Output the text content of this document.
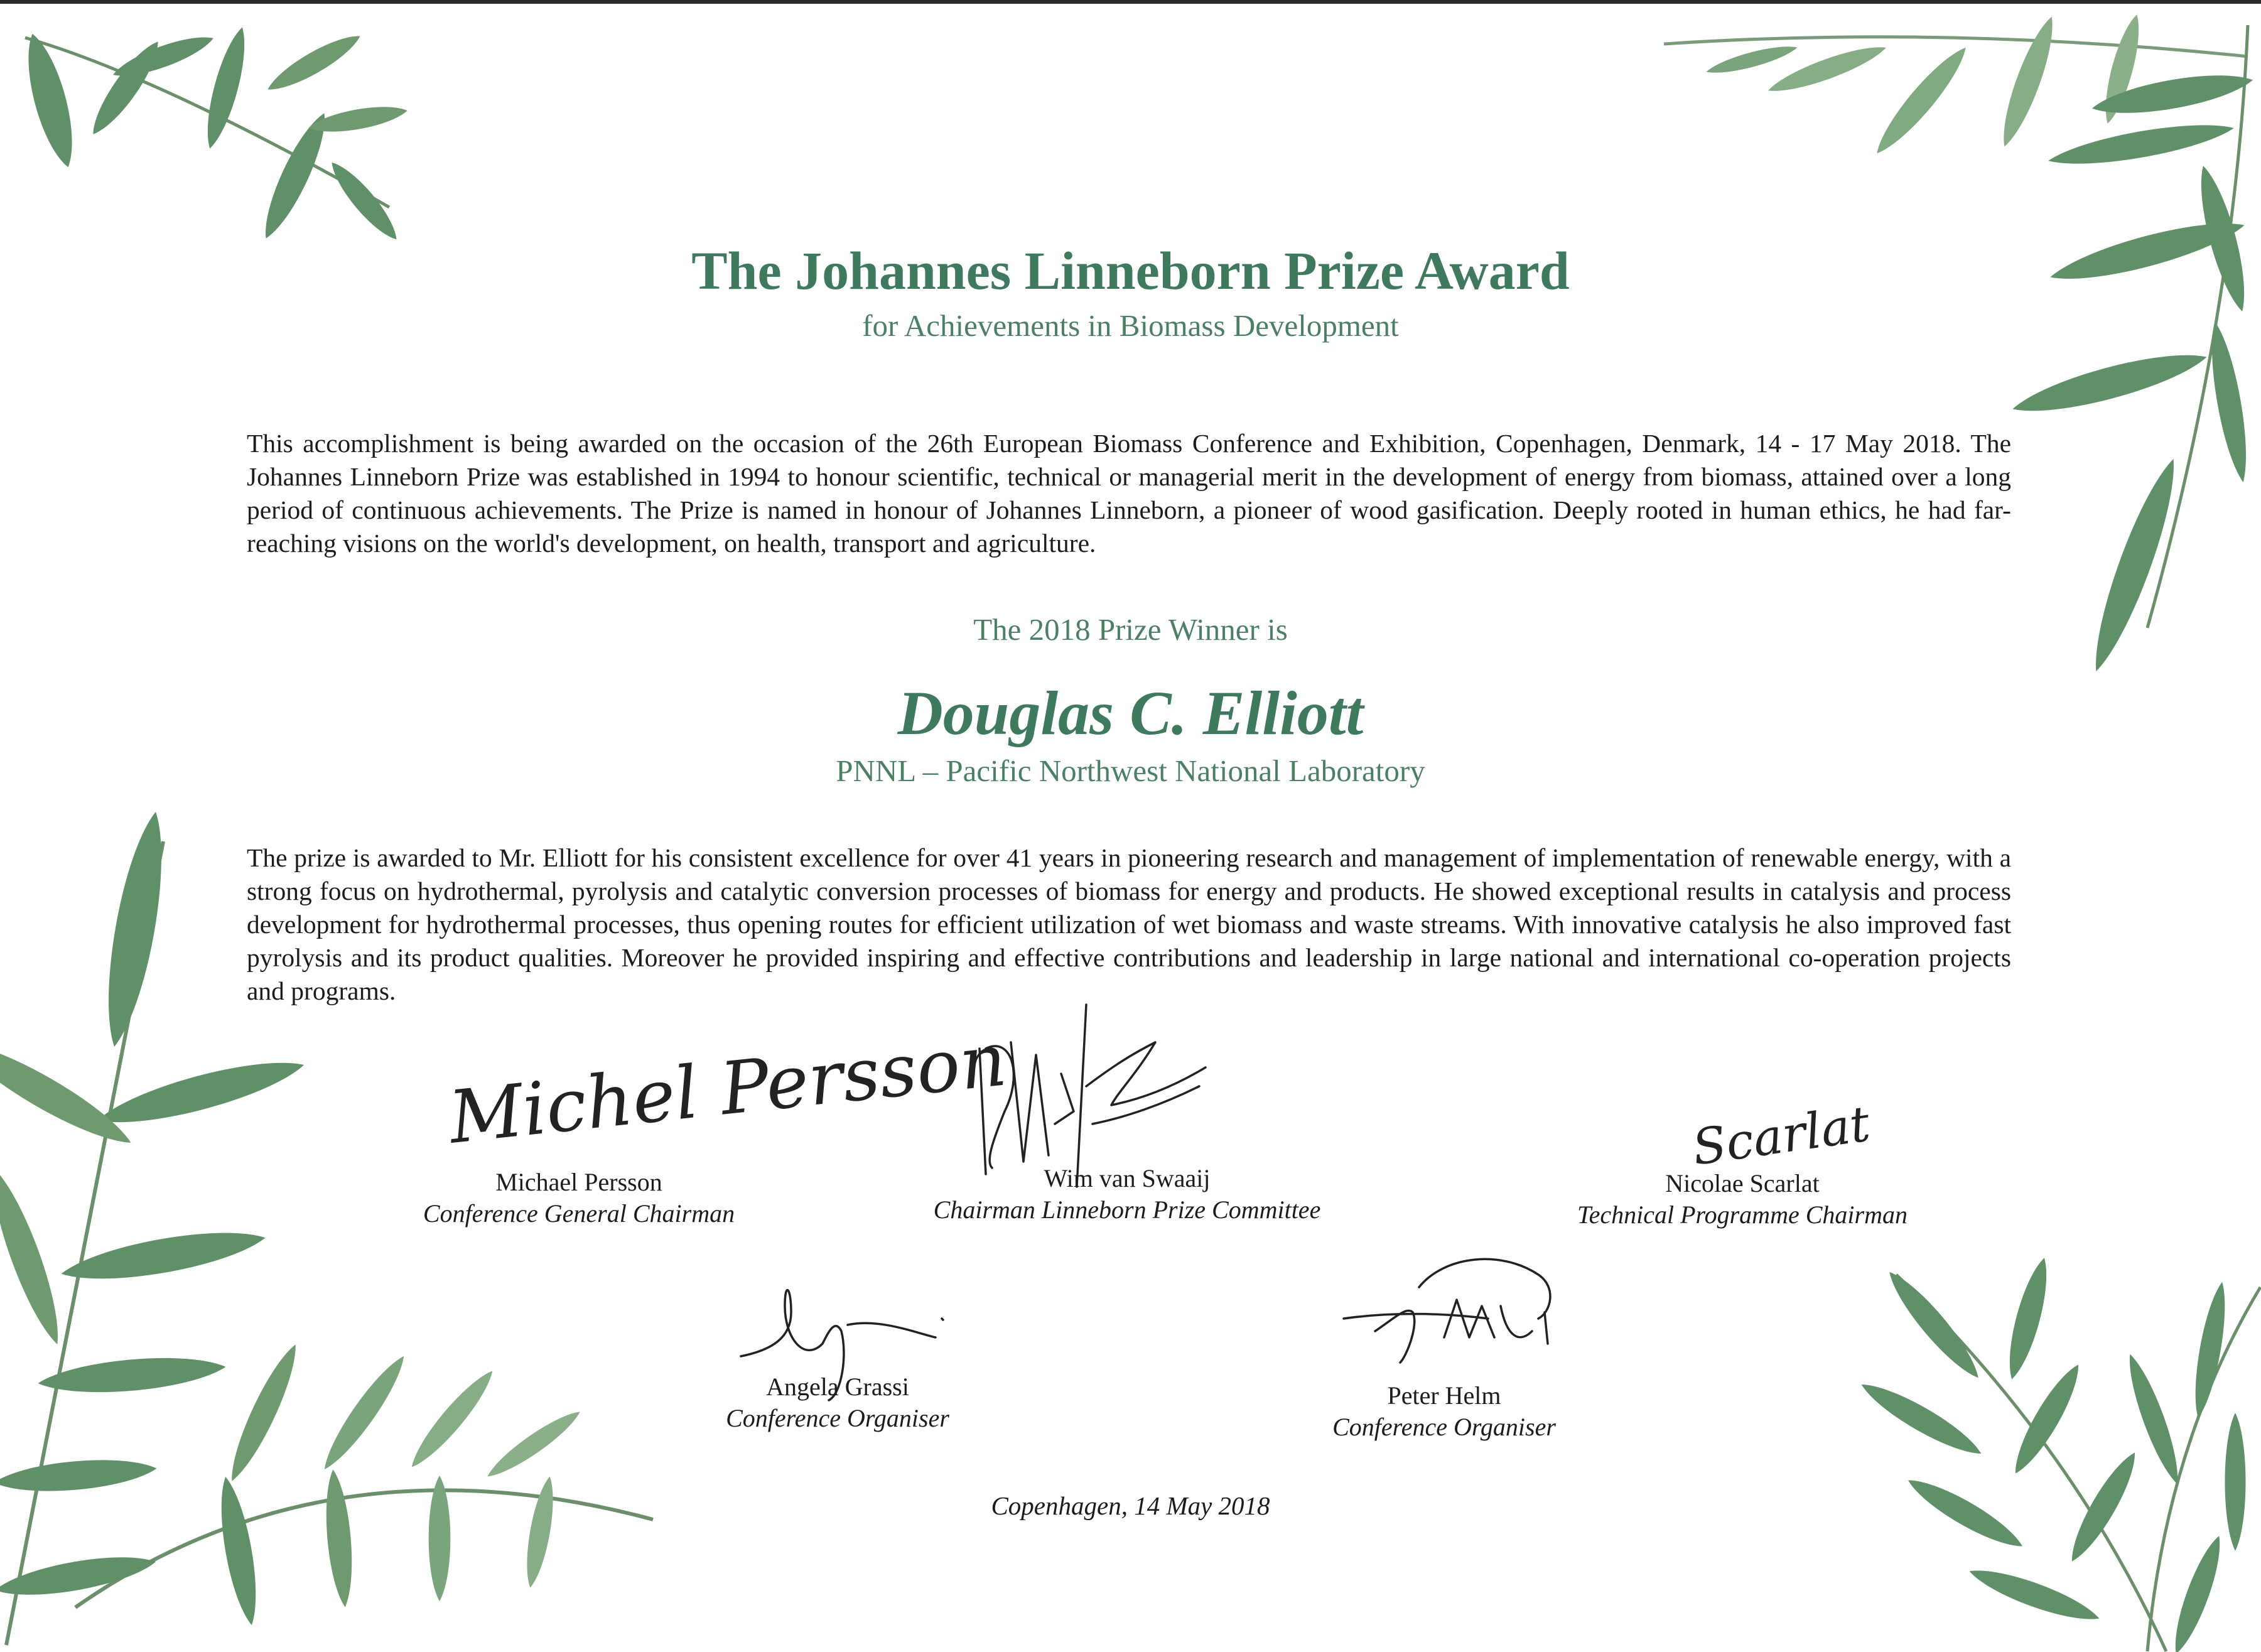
The Johannes Linneborn Prize Award
for Achievements in Biomass Development
This accomplishment is being awarded on the occasion of the 26th European Biomass Conference and Exhibition, Copenhagen, Denmark, 14 - 17 May 2018. The Johannes Linneborn Prize was established in 1994 to honour scientific, technical or managerial merit in the development of energy from biomass, attained over a long period of continuous achievements. The Prize is named in honour of Johannes Linneborn, a pioneer of wood gasification. Deeply rooted in human ethics, he had far-reaching visions on the world's development, on health, transport and agriculture.
The 2018 Prize Winner is
Douglas C. Elliott
PNNL – Pacific Northwest National Laboratory
The prize is awarded to Mr. Elliott for his consistent excellence for over 41 years in pioneering research and management of implementation of renewable energy, with a strong focus on hydrothermal, pyrolysis and catalytic conversion processes of biomass for energy and products. He showed exceptional results in catalysis and process development for hydrothermal processes, thus opening routes for efficient utilization of wet biomass and waste streams. With innovative catalysis he also improved fast pyrolysis and its product qualities. Moreover he provided inspiring and effective contributions and leadership in large national and international co-operation projects and programs.
Michel Persson	Scarlat
Michael Persson
Conference General Chairman
Wim van Swaaij
Chairman Linneborn Prize Committee
Nicolae Scarlat
Technical Programme Chairman
Angela Grassi
Conference Organiser
Peter Helm
Conference Organiser
Copenhagen, 14 May 2018
